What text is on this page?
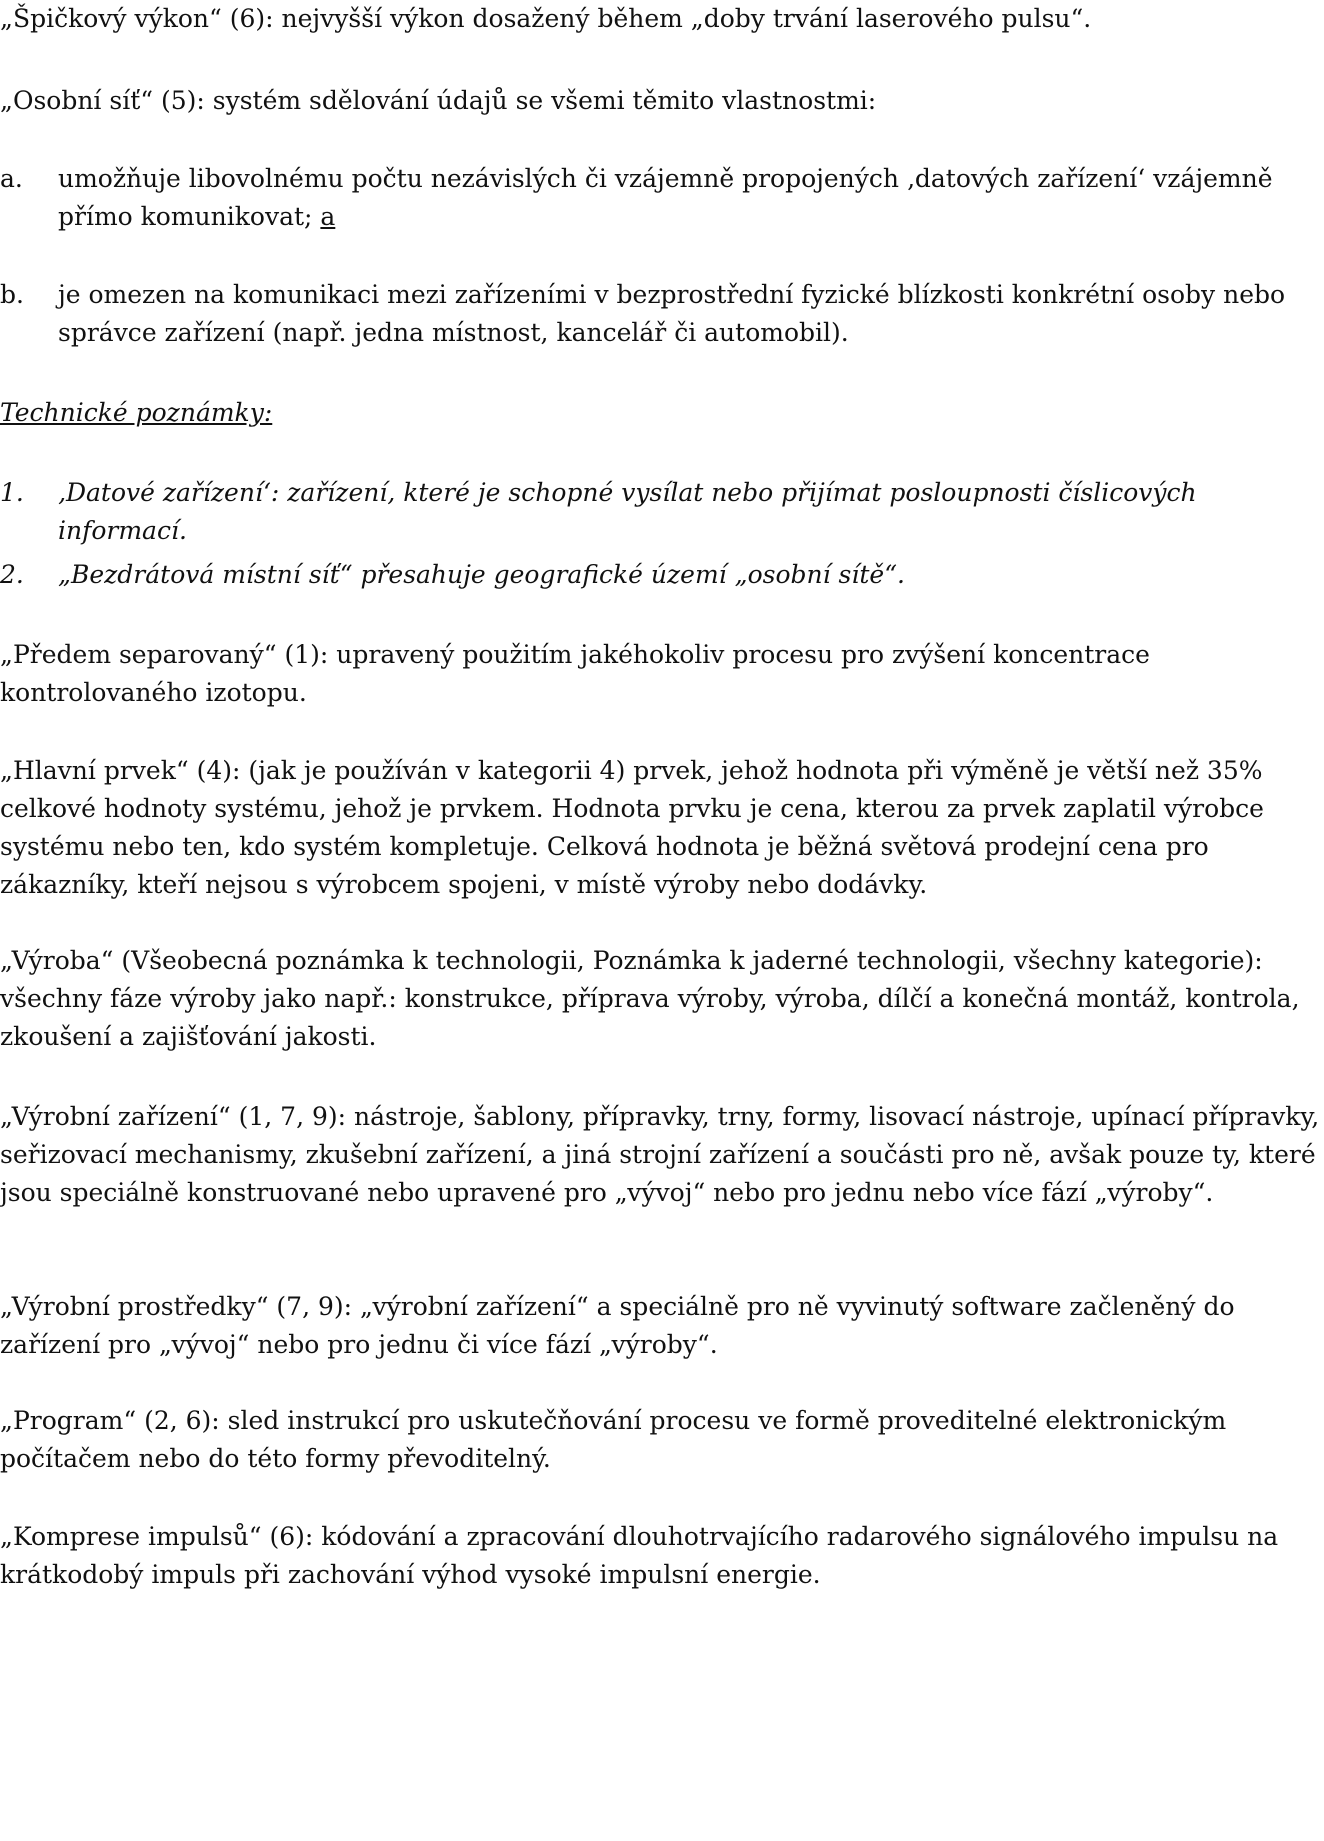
„Špičkový výkon“ (6): nejvyšší výkon dosažený během „doby trvání laserového pulsu“.

„Osobní síť“ (5): systém sdělování údajů se všemi těmito vlastnostmi:

a.	umožňuje libovolnému počtu nezávislých či vzájemně propojených ‚datových zařízení‘ vzájemně přímo komunikovat; a
b.	je omezen na komunikaci mezi zařízeními v bezprostřední fyzické blízkosti konkrétní osoby nebo správce zařízení (např. jedna místnost, kancelář či automobil).

Technické poznámky:

1.	‚Datové zařízení‘: zařízení, které je schopné vysílat nebo přijímat posloupnosti číslicových informací.
2.	„Bezdrátová místní síť“ přesahuje geografické území „osobní sítě“.

„Předem separovaný“ (1): upravený použitím jakéhokoliv procesu pro zvýšení koncentrace kontrolovaného izotopu.

„Hlavní prvek“ (4): (jak je používán v kategorii 4) prvek, jehož hodnota při výměně je větší než 35% celkové hodnoty systému, jehož je prvkem. Hodnota prvku je cena, kterou za prvek zaplatil výrobce systému nebo ten, kdo systém kompletuje. Celková hodnota je běžná světová prodejní cena pro zákazníky, kteří nejsou s výrobcem spojeni, v místě výroby nebo dodávky.

„Výroba“ (Všeobecná poznámka k technologii, Poznámka k jaderné technologii, všechny kategorie): všechny fáze výroby jako např.: konstrukce, příprava výroby, výroba, dílčí a konečná montáž, kontrola, zkoušení a zajišťování jakosti.

„Výrobní zařízení“ (1, 7, 9): nástroje, šablony, přípravky, trny, formy, lisovací nástroje, upínací přípravky, seřizovací mechanismy, zkušební zařízení, a jiná strojní zařízení a součásti pro ně, avšak pouze ty, které jsou speciálně konstruované nebo upravené pro „vývoj“ nebo pro jednu nebo více fází „výroby“.

„Výrobní prostředky“ (7, 9): „výrobní zařízení“ a speciálně pro ně vyvinutý software začleněný do zařízení pro „vývoj“ nebo pro jednu či více fází „výroby“.

„Program“ (2, 6): sled instrukcí pro uskutečňování procesu ve formě proveditelné elektronickým počítačem nebo do této formy převoditelný.

„Komprese impulsů“ (6): kódování a zpracování dlouhotrvajícího radarového signálového impulsu na krátkodobý impuls při zachování výhod vysoké impulsní energie.
